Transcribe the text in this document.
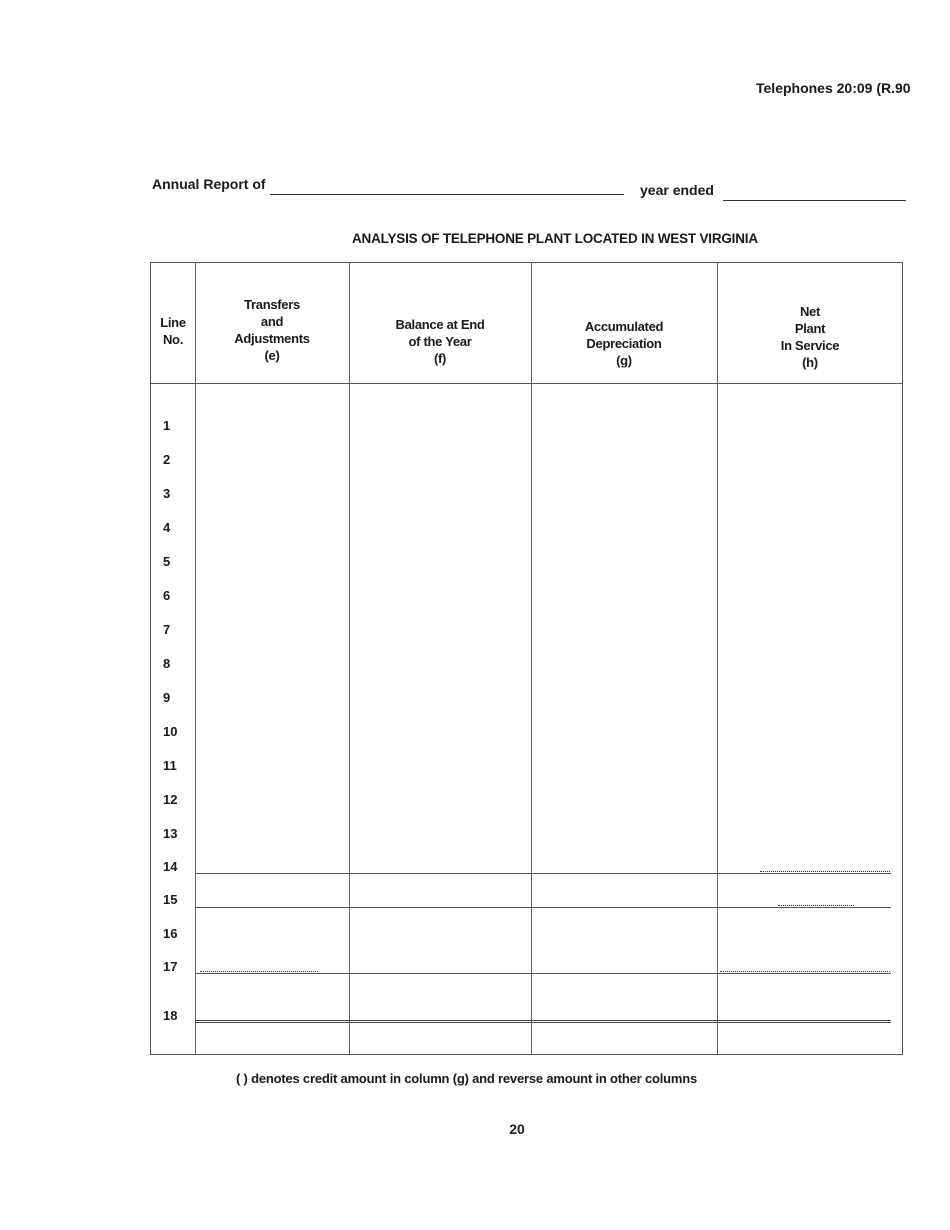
Telephones 20:09 (R.90
Annual Report of	year ended
ANALYSIS OF TELEPHONE PLANT LOCATED IN WEST VIRGINIA
Line
No.
Transfers
and
Adjustments
(e)
Balance at End
of the Year
(f)
Accumulated
Depreciation
(g)
Net
Plant
In Service
(h)
1
2
3
4
5
6
7
8
9
10
11
12
13
14
15
16
17
18
( ) denotes credit amount in column (g) and reverse amount in other columns
20
